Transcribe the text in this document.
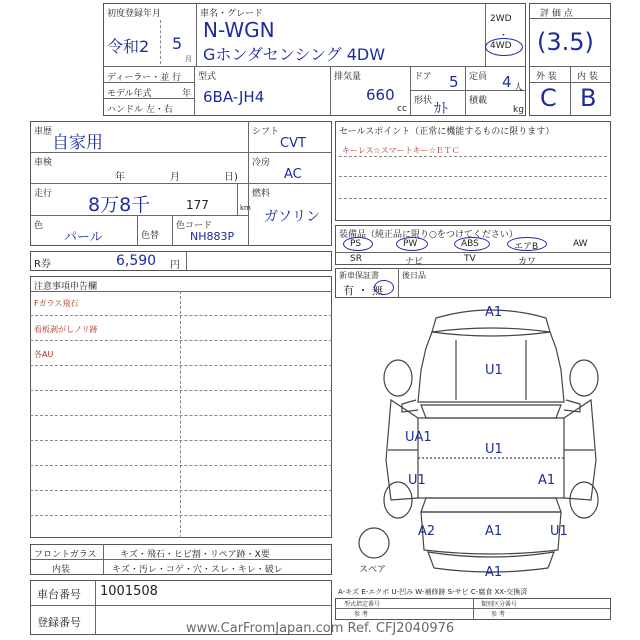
初度登録年月
令和2 5
月
車名・グレード
N-WGN
Gホンダセンシング 4DW
2WD
・
4WD
ディーラー・並 行
モデル年式	年
ハンドル 左・右
型式
6BA-JH4
排気量
660
cc
ドア 5 定員 4 人
形状 ｶﾄ 積載
kg
評 価 点
(3.5)
外 装 内 装
C B
車歴
自家用
車検
年	月	日)
走行 8万8千	177	km
色
パール	色替
色コード
NH883P
シフト
CVT
冷房
AC
燃料
ガソリン
R券	6,590 円
セールスポイント（正常に機能するものに限ります）
キーレス☆スマートキー☆ＥＴＣ
装備品（純正品に限り○をつけてください）
PS	PW	ABS	エアB	AW
SR	ナビ	TV	カワ
新車保証書
有 ・ 無
後日品
注意事項申告欄
Fガラス飛石
看板剥がしノリ跡
各AU
フロントガラス	キズ・飛石・ヒビ割・リペア跡・X要
内装	キズ・汚レ・コゲ・穴・スレ・キレ・破レ
車台番号 1001508
登録番号
A1
U1
UA1
U1
U1	A1
A2	A1	U1
A1
スペア
A-キズ E-エクボ U-凹み W-補修跡 S-サビ C-腐食 XX-交換済
型式指定番号
参 考
類別区分番号
参 考
www.CarFromJapan.com Ref. CFJ2040976
